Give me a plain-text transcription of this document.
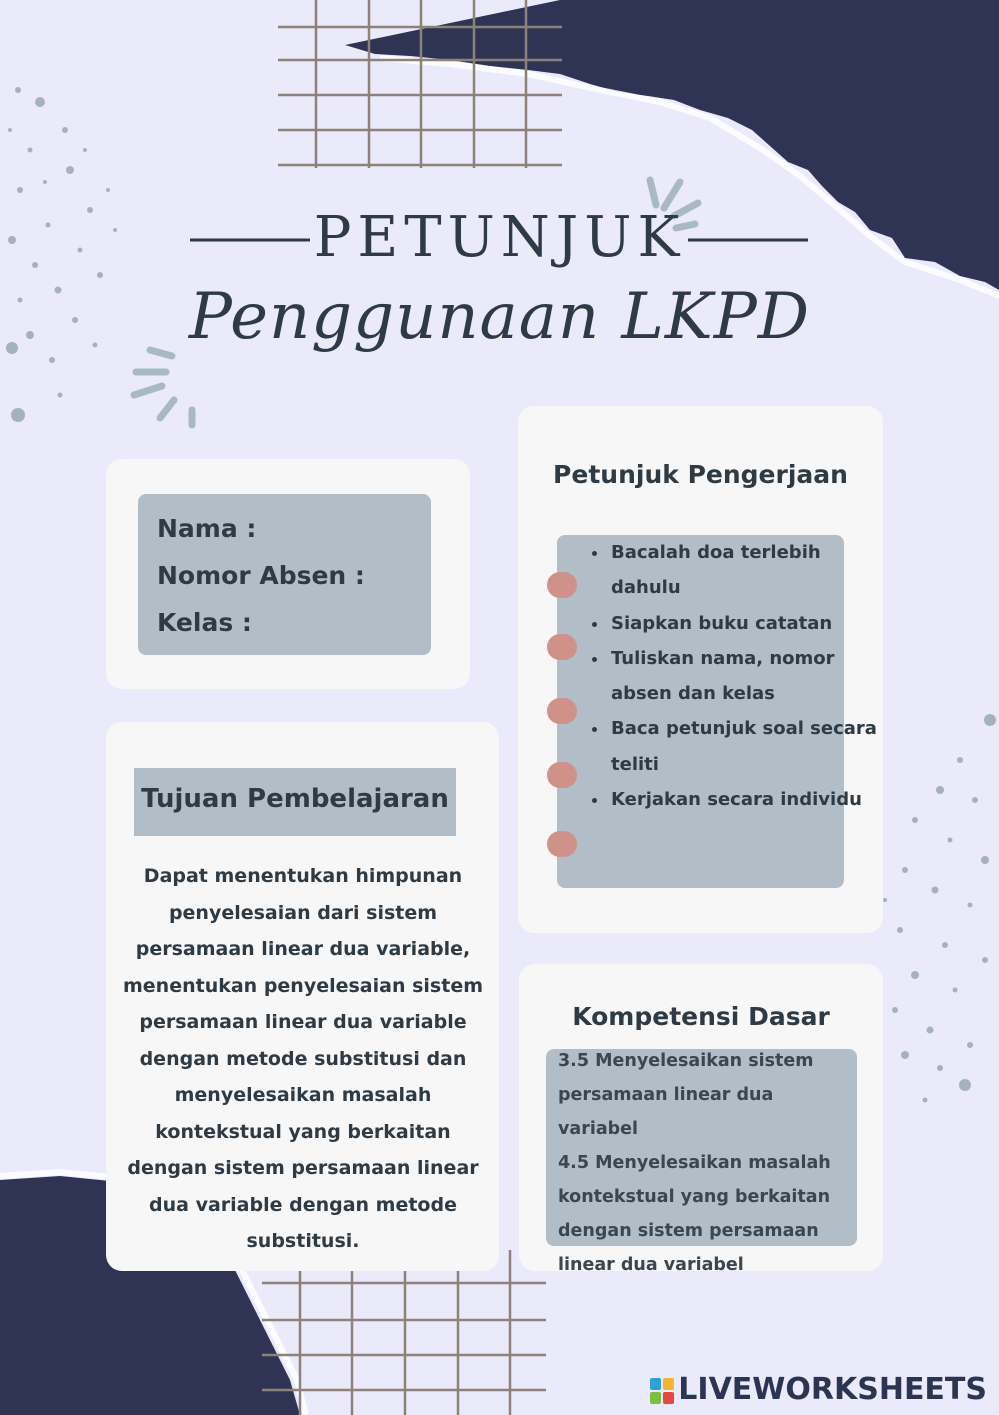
PETUNJUK
Penggunaan LKPD
Nama :
Nomor Absen :
Kelas :
Tujuan Pembelajaran
Dapat menentukan himpunan penyelesaian dari sistem persamaan linear dua variable, menentukan penyelesaian sistem persamaan linear dua variable dengan metode substitusi dan menyelesaikan masalah kontekstual yang berkaitan dengan sistem persamaan linear dua variable dengan metode substitusi.
Petunjuk Pengerjaan
• Bacalah doa terlebih dahulu
• Siapkan buku catatan
• Tuliskan nama, nomor absen dan kelas
• Baca petunjuk soal secara teliti
• Kerjakan secara individu
Kompetensi Dasar
3.5 Menyelesaikan sistem
persamaan linear dua variabel
4.5 Menyelesaikan masalah
kontekstual yang berkaitan
dengan sistem persamaan
linear dua variabel
LIVEWORKSHEETS
